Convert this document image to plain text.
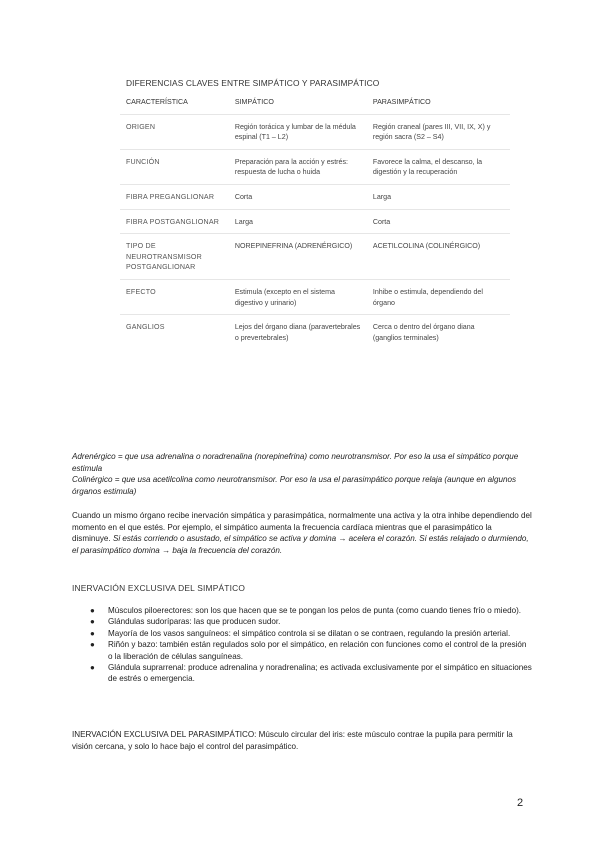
DIFERENCIAS CLAVES ENTRE SIMPÁTICO Y PARASIMPÁTICO
CARACTERÍSTICA	SIMPÁTICO	PARASIMPÁTICO
ORIGEN	Región torácica y lumbar de la médula espinal (T1 – L2)	Región craneal (pares III, VII, IX, X) y región sacra (S2 – S4)
FUNCIÓN	Preparación para la acción y estrés: respuesta de lucha o huida	Favorece la calma, el descanso, la digestión y la recuperación
FIBRA PREGANGLIONAR	Corta	Larga
FIBRA POSTGANGLIONAR	Larga	Corta
TIPO DE NEUROTRANSMISOR POSTGANGLIONAR	NOREPINEFRINA (ADRENÉRGICO)	ACETILCOLINA (COLINÉRGICO)
EFECTO	Estimula (excepto en el sistema digestivo y urinario)	Inhibe o estimula, dependiendo del órgano
GANGLIOS	Lejos del órgano diana (paravertebrales o prevertebrales)	Cerca o dentro del órgano diana (ganglios terminales)

Adrenérgico = que usa adrenalina o noradrenalina (norepinefrina) como neurotransmisor. Por eso la usa el simpático porque estimula

Colinérgico = que usa acetilcolina como neurotransmisor. Por eso la usa el parasimpático porque relaja (aunque en algunos órganos estimula)

Cuando un mismo órgano recibe inervación simpática y parasimpática, normalmente una activa y la otra inhibe dependiendo del momento en el que estés. Por ejemplo, el simpático aumenta la frecuencia cardíaca mientras que el parasimpático la disminuye. Si estás corriendo o asustado, el simpático se activa y domina → acelera el corazón. Si estás relajado o durmiendo, el parasimpático domina → baja la frecuencia del corazón.
INERVACIÓN EXCLUSIVA DEL SIMPÁTICO
● Músculos piloerectores: son los que hacen que se te pongan los pelos de punta (como cuando tienes frío o miedo).
● Glándulas sudoríparas: las que producen sudor.
● Mayoría de los vasos sanguíneos: el simpático controla si se dilatan o se contraen, regulando la presión arterial.
● Riñón y bazo: también están regulados solo por el simpático, en relación con funciones como el control de la presión o la liberación de células sanguíneas.
● Glándula suprarrenal: produce adrenalina y noradrenalina; es activada exclusivamente por el simpático en situaciones de estrés o emergencia.
INERVACIÓN EXCLUSIVA DEL PARASIMPÁTICO: Músculo circular del iris: este músculo contrae la pupila para permitir la visión cercana, y solo lo hace bajo el control del parasimpático.
2
